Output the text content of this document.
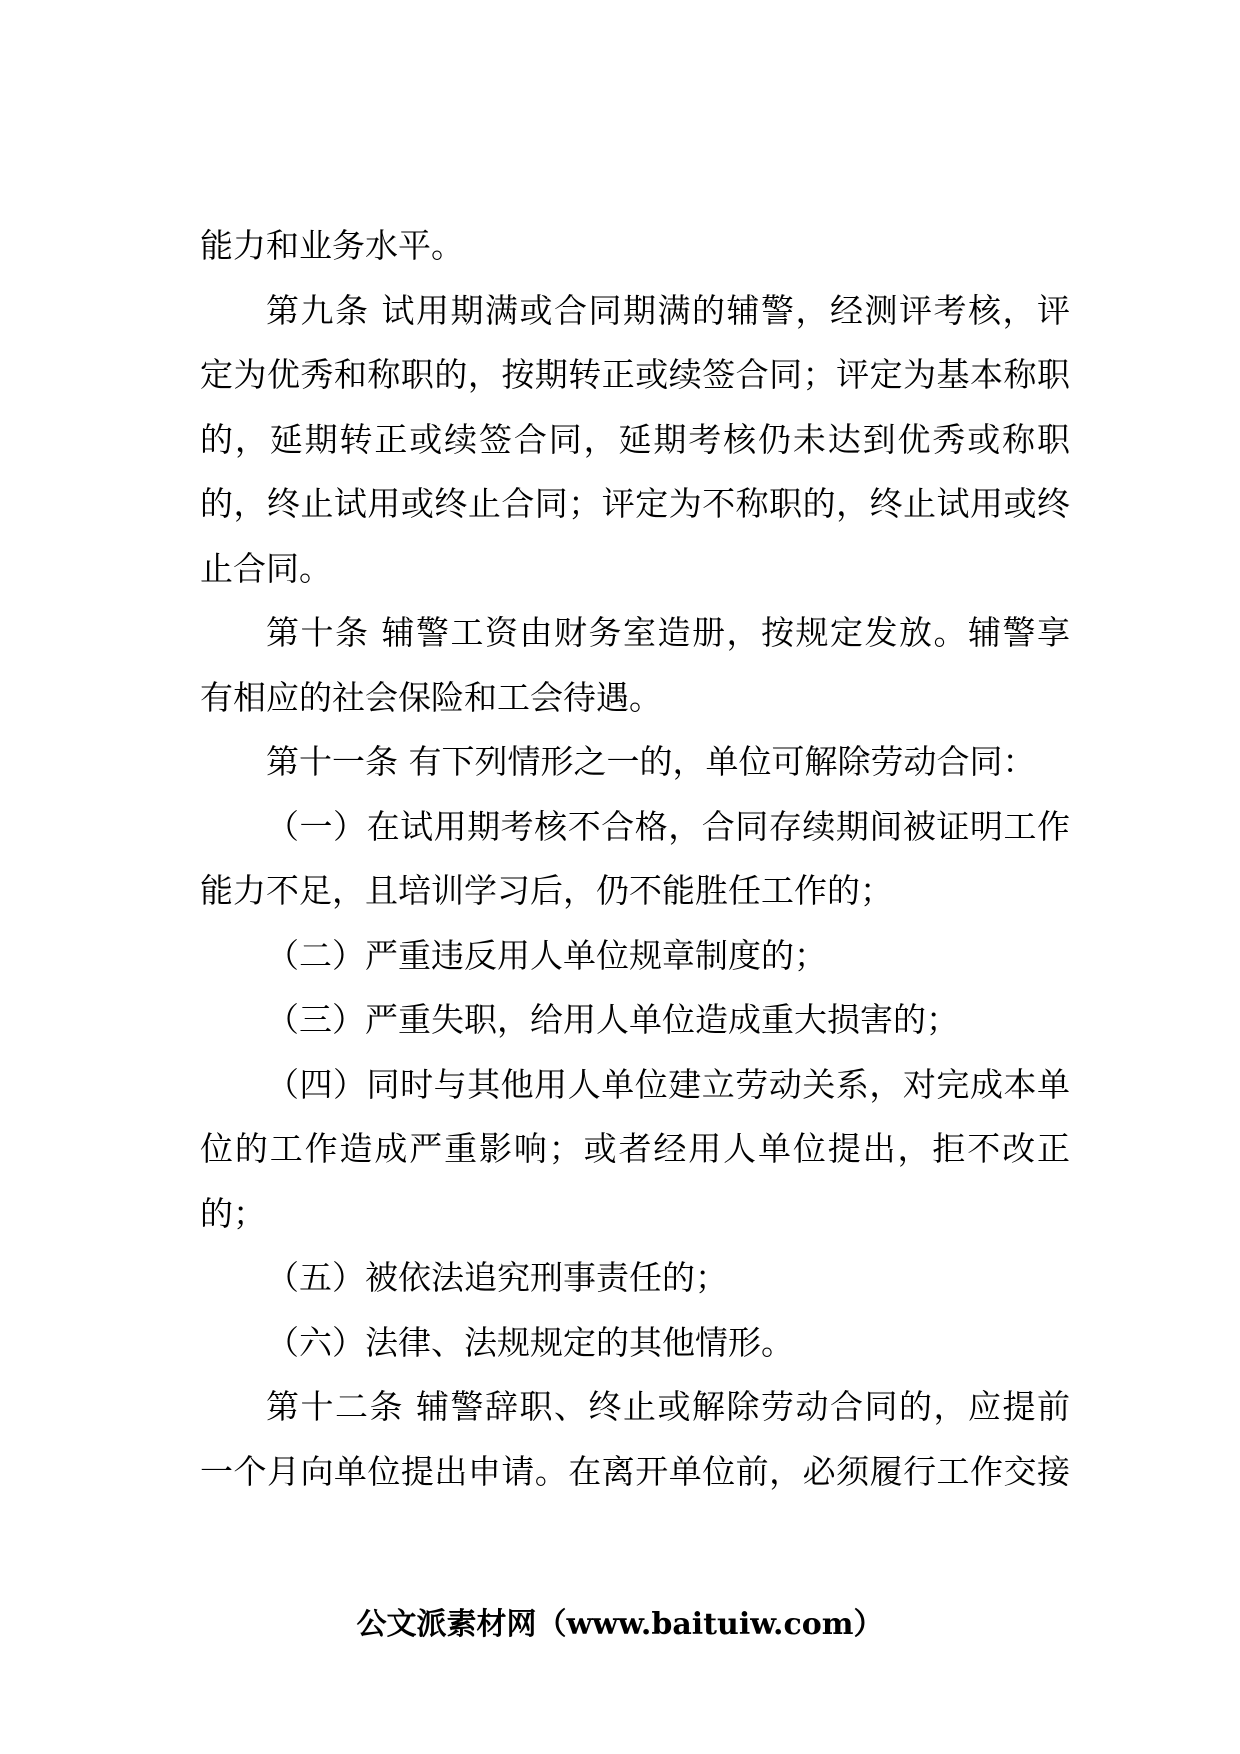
能力和业务水平。
第九条 试用期满或合同期满的辅警，经测评考核，评
定为优秀和称职的，按期转正或续签合同；评定为基本称职
的，延期转正或续签合同，延期考核仍未达到优秀或称职
的，终止试用或终止合同；评定为不称职的，终止试用或终
止合同。
第十条 辅警工资由财务室造册，按规定发放。辅警享
有相应的社会保险和工会待遇。
第十一条 有下列情形之一的，单位可解除劳动合同：
（一）在试用期考核不合格，合同存续期间被证明工作
能力不足，且培训学习后，仍不能胜任工作的；
（二）严重违反用人单位规章制度的；
（三）严重失职，给用人单位造成重大损害的；
（四）同时与其他用人单位建立劳动关系，对完成本单
位的工作造成严重影响；或者经用人单位提出，拒不改正
的；
（五）被依法追究刑事责任的；
（六）法律、法规规定的其他情形。
第十二条 辅警辞职、终止或解除劳动合同的，应提前
一个月向单位提出申请。在离开单位前，必须履行工作交接
公文派素材网（www.baituiw.com）
